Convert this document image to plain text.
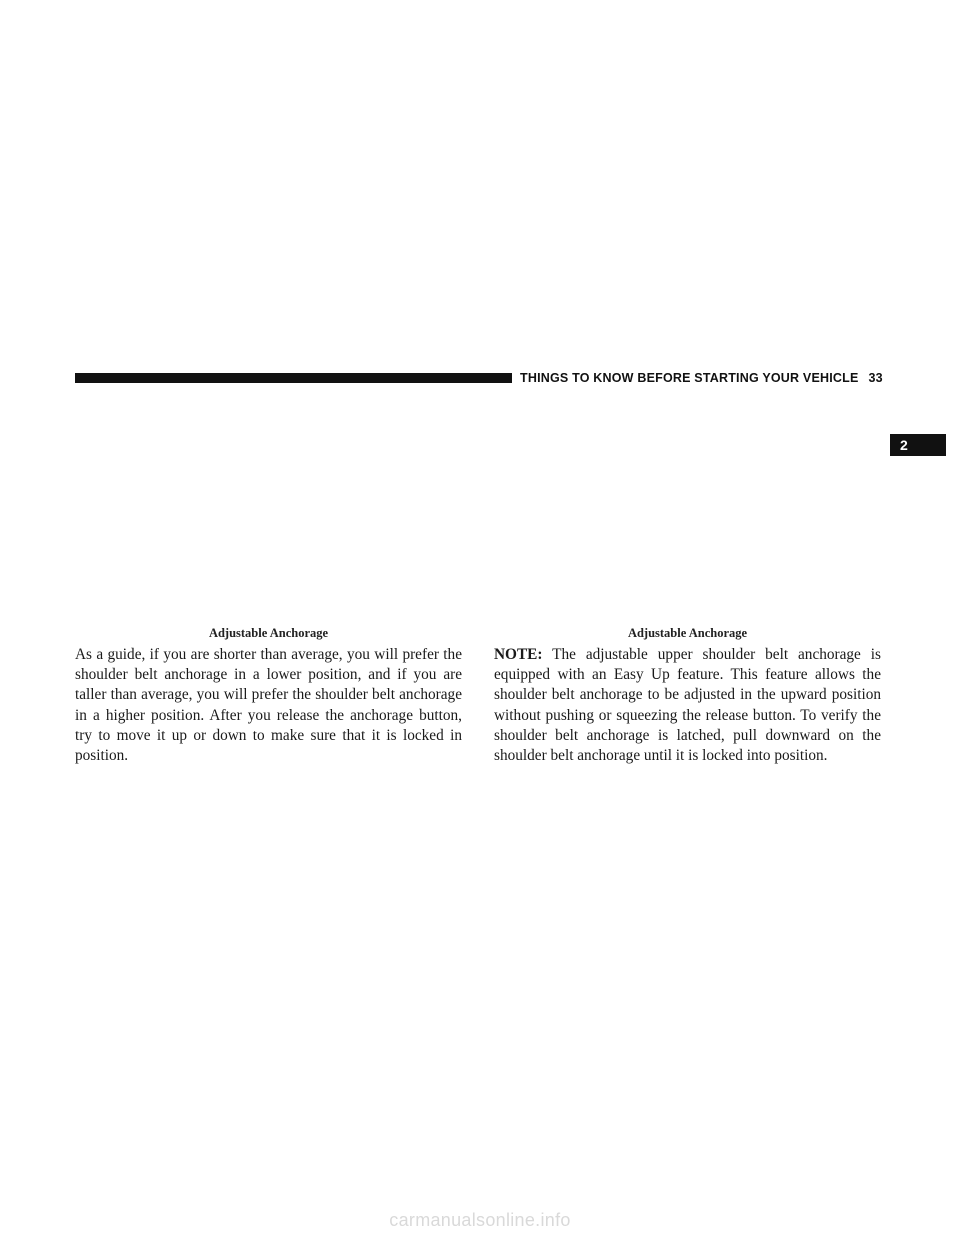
THINGS TO KNOW BEFORE STARTING YOUR VEHICLE 33
2
Adjustable Anchorage	Adjustable Anchorage
As a guide, if you are shorter than average, you will prefer the shoulder belt anchorage in a lower position, and if you are taller than average, you will prefer the shoulder belt anchorage in a higher position. After you release the anchorage button, try to move it up or down to make sure that it is locked in position.
NOTE: The adjustable upper shoulder belt anchorage is equipped with an Easy Up feature. This feature allows the shoulder belt anchorage to be adjusted in the upward position without pushing or squeezing the release button. To verify the shoulder belt anchorage is latched, pull downward on the shoulder belt anchorage until it is locked into position.
carmanualsonline.info
